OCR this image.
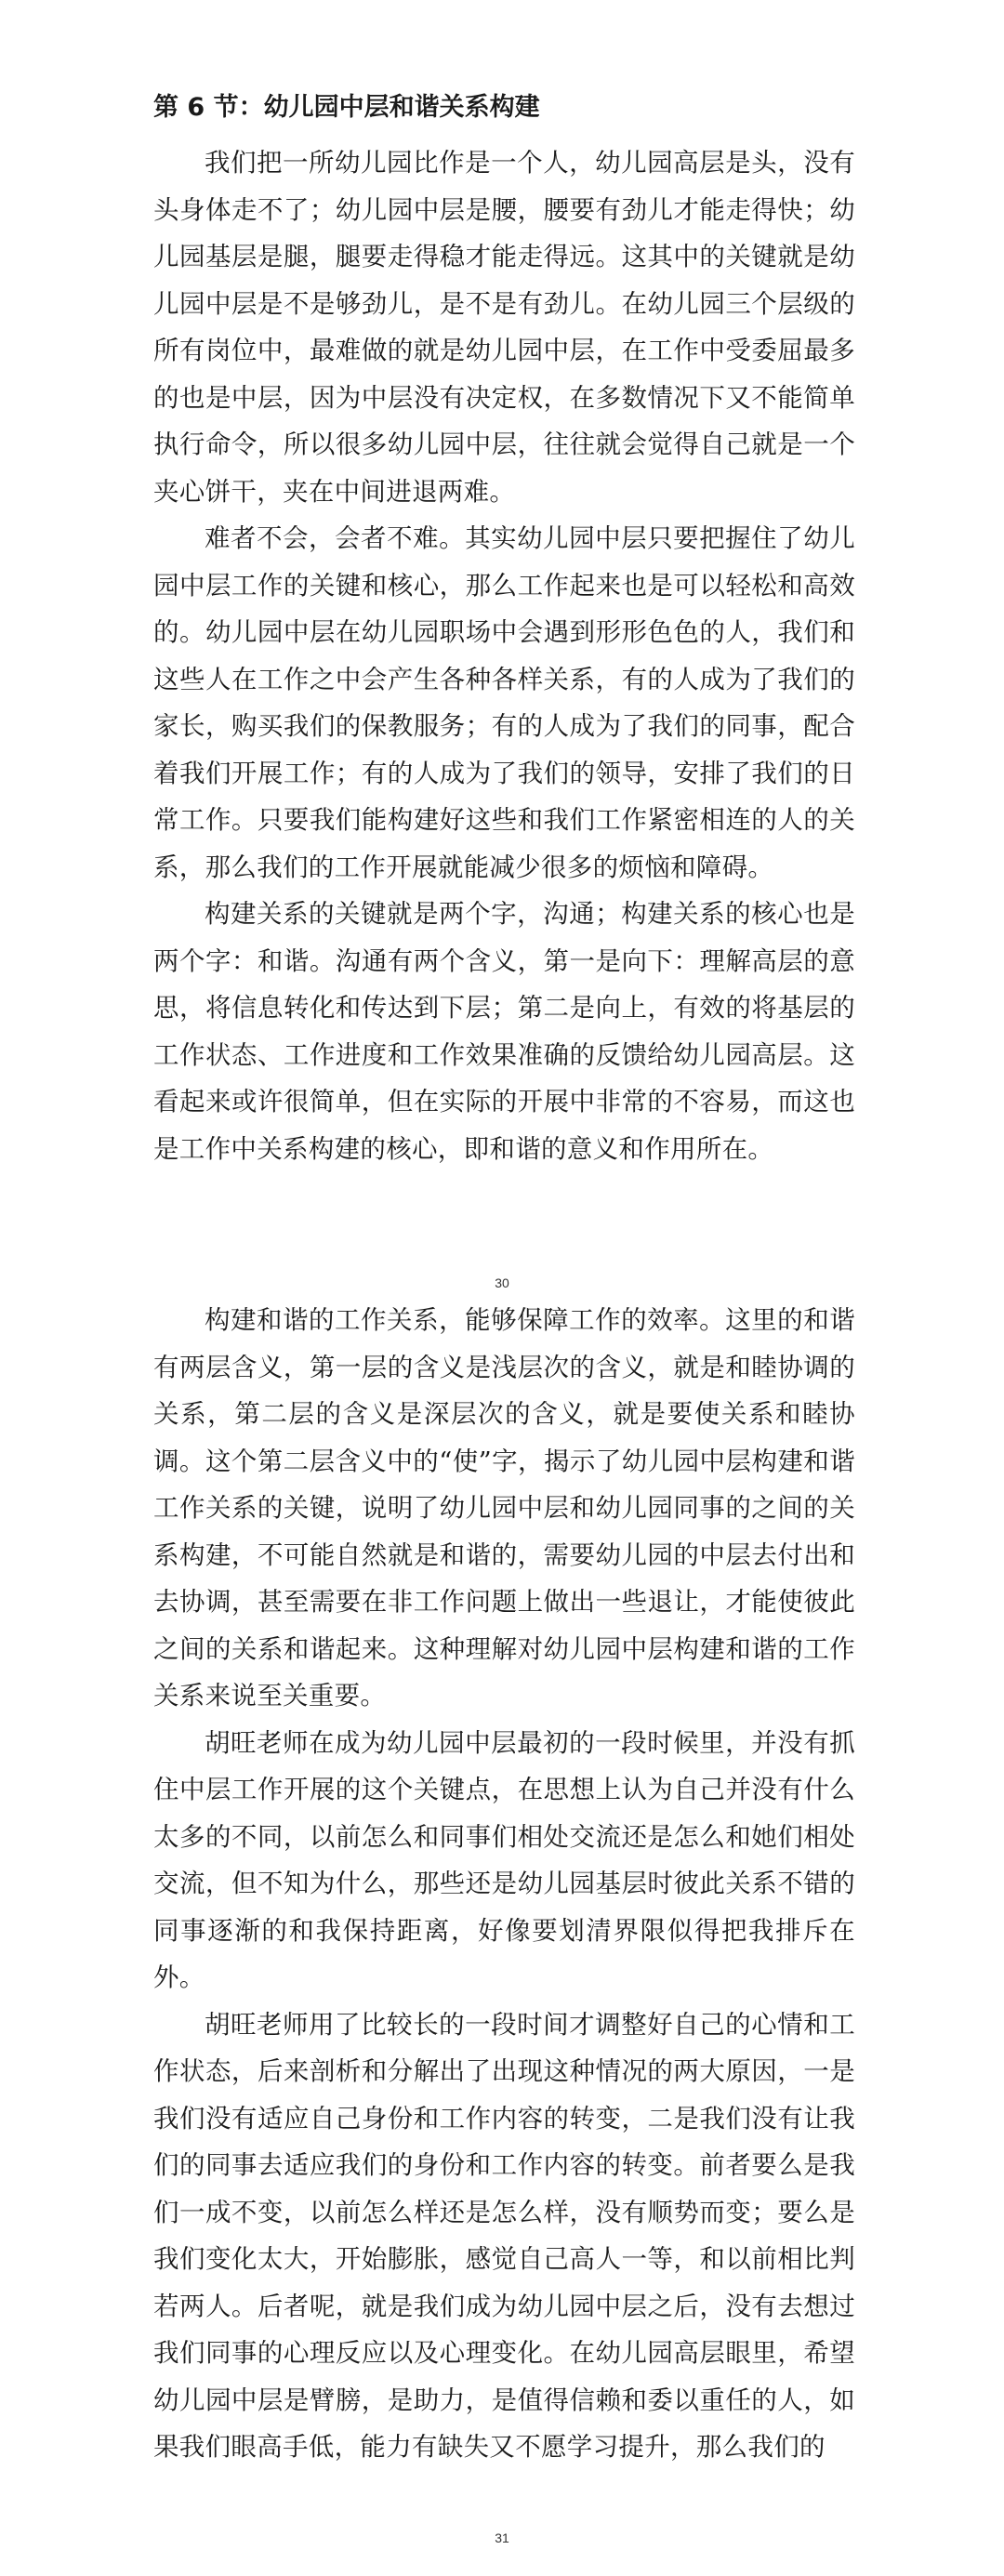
第 6 节：幼儿园中层和谐关系构建

我们把一所幼儿园比作是一个人，幼儿园高层是头，没有头身体走不了；幼儿园中层是腰，腰要有劲儿才能走得快；幼儿园基层是腿，腿要走得稳才能走得远。这其中的关键就是幼儿园中层是不是够劲儿，是不是有劲儿。在幼儿园三个层级的所有岗位中，最难做的就是幼儿园中层，在工作中受委屈最多的也是中层，因为中层没有决定权，在多数情况下又不能简单执行命令，所以很多幼儿园中层，往往就会觉得自己就是一个夹心饼干，夹在中间进退两难。

难者不会，会者不难。其实幼儿园中层只要把握住了幼儿园中层工作的关键和核心，那么工作起来也是可以轻松和高效的。幼儿园中层在幼儿园职场中会遇到形形色色的人，我们和这些人在工作之中会产生各种各样关系，有的人成为了我们的家长，购买我们的保教服务；有的人成为了我们的同事，配合着我们开展工作；有的人成为了我们的领导，安排了我们的日常工作。只要我们能构建好这些和我们工作紧密相连的人的关系，那么我们的工作开展就能减少很多的烦恼和障碍。

构建关系的关键就是两个字，沟通；构建关系的核心也是两个字：和谐。沟通有两个含义，第一是向下：理解高层的意思，将信息转化和传达到下层；第二是向上，有效的将基层的工作状态、工作进度和工作效果准确的反馈给幼儿园高层。这看起来或许很简单，但在实际的开展中非常的不容易，而这也是工作中关系构建的核心，即和谐的意义和作用所在。

30

构建和谐的工作关系，能够保障工作的效率。这里的和谐有两层含义，第一层的含义是浅层次的含义，就是和睦协调的关系，第二层的含义是深层次的含义，就是要使关系和睦协调。这个第二层含义中的“使”字，揭示了幼儿园中层构建和谐工作关系的关键，说明了幼儿园中层和幼儿园同事的之间的关系构建，不可能自然就是和谐的，需要幼儿园的中层去付出和去协调，甚至需要在非工作问题上做出一些退让，才能使彼此之间的关系和谐起来。这种理解对幼儿园中层构建和谐的工作关系来说至关重要。

胡旺老师在成为幼儿园中层最初的一段时候里，并没有抓住中层工作开展的这个关键点，在思想上认为自己并没有什么太多的不同，以前怎么和同事们相处交流还是怎么和她们相处交流，但不知为什么，那些还是幼儿园基层时彼此关系不错的同事逐渐的和我保持距离，好像要划清界限似得把我排斥在外。

胡旺老师用了比较长的一段时间才调整好自己的心情和工作状态，后来剖析和分解出了出现这种情况的两大原因，一是我们没有适应自己身份和工作内容的转变，二是我们没有让我们的同事去适应我们的身份和工作内容的转变。前者要么是我们一成不变，以前怎么样还是怎么样，没有顺势而变；要么是我们变化太大，开始膨胀，感觉自己高人一等，和以前相比判若两人。后者呢，就是我们成为幼儿园中层之后，没有去想过我们同事的心理反应以及心理变化。在幼儿园高层眼里，希望幼儿园中层是臂膀，是助力，是值得信赖和委以重任的人，如果我们眼高手低，能力有缺失又不愿学习提升，那么我们的

31
